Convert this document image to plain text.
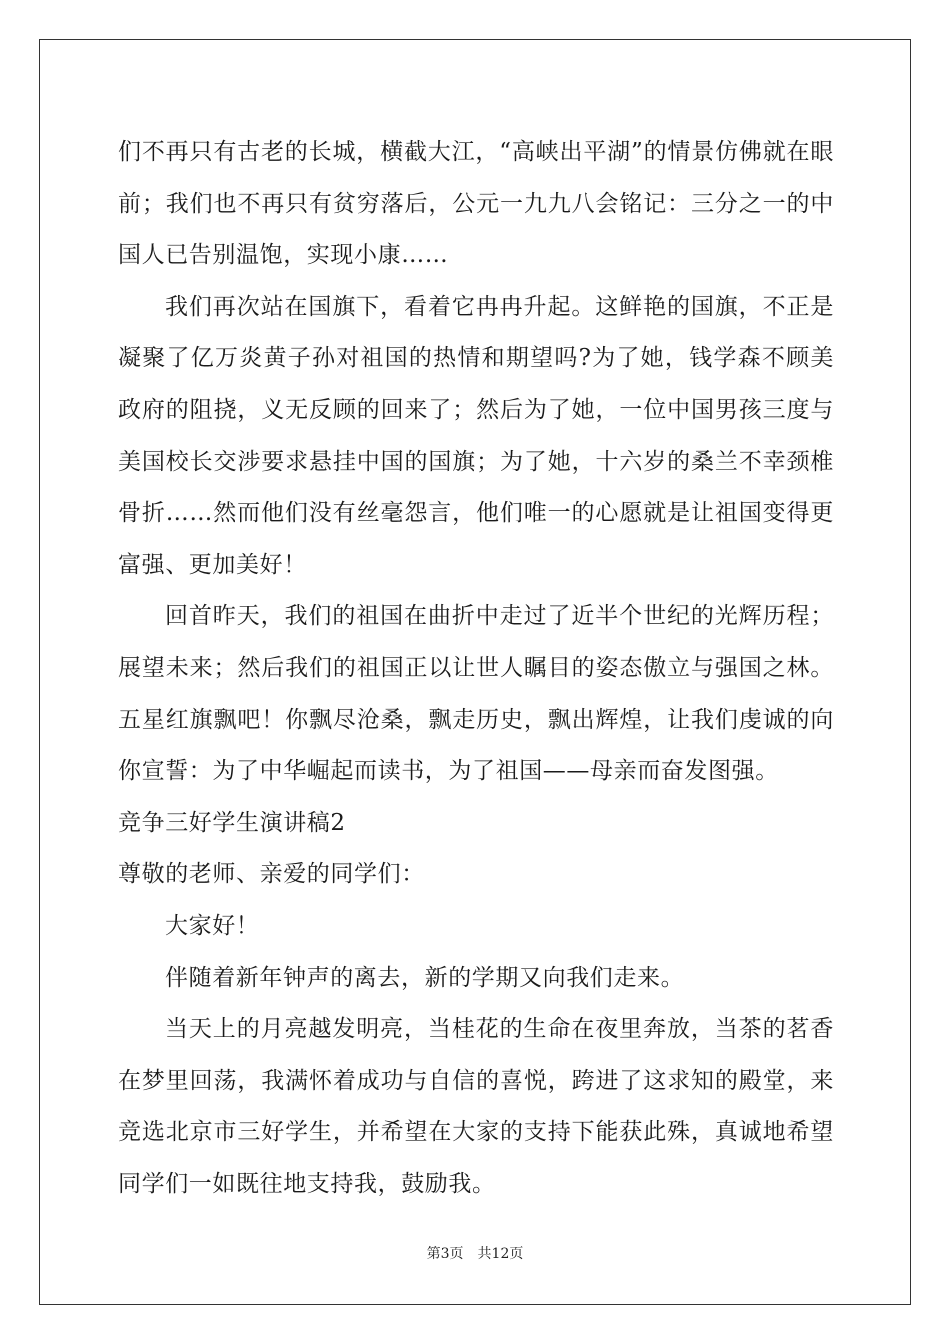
们不再只有古老的长城，横截大江，“高峡出平湖”的情景仿佛就在眼前；我们也不再只有贫穷落后，公元一九九八会铭记：三分之一的中国人已告别温饱，实现小康……

我们再次站在国旗下，看着它冉冉升起。这鲜艳的国旗，不正是凝聚了亿万炎黄子孙对祖国的热情和期望吗?为了她，钱学森不顾美政府的阻挠，义无反顾的回来了；然后为了她，一位中国男孩三度与美国校长交涉要求悬挂中国的国旗；为了她，十六岁的桑兰不幸颈椎骨折……然而他们没有丝毫怨言，他们唯一的心愿就是让祖国变得更富强、更加美好！

回首昨天，我们的祖国在曲折中走过了近半个世纪的光辉历程；展望未来；然后我们的祖国正以让世人瞩目的姿态傲立与强国之林。五星红旗飘吧！你飘尽沧桑，飘走历史，飘出辉煌，让我们虔诚的向你宣誓：为了中华崛起而读书，为了祖国——母亲而奋发图强。

竞争三好学生演讲稿2

尊敬的老师、亲爱的同学们：

大家好！

伴随着新年钟声的离去，新的学期又向我们走来。

当天上的月亮越发明亮，当桂花的生命在夜里奔放，当茶的茗香在梦里回荡，我满怀着成功与自信的喜悦，跨进了这求知的殿堂，来竞选北京市三好学生，并希望在大家的支持下能获此殊，真诚地希望同学们一如既往地支持我，鼓励我。

第3页 共12页
